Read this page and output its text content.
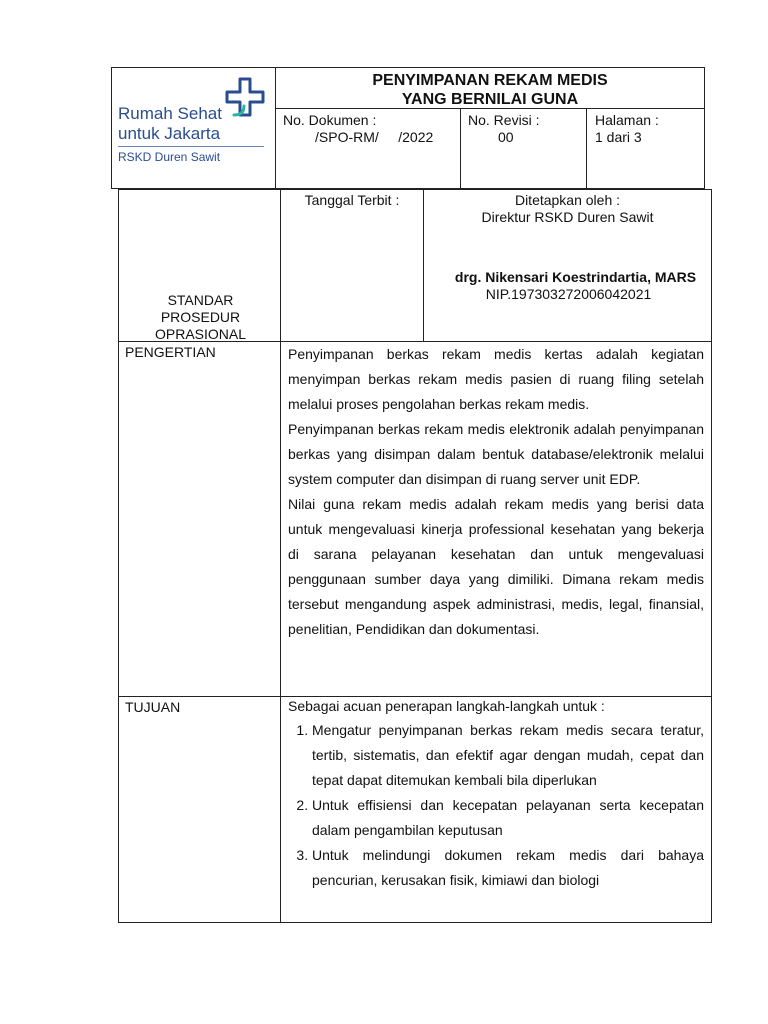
Rumah Sehat
untuk Jakarta
RSKD Duren Sawit
PENYIMPANAN REKAM MEDIS
YANG BERNILAI GUNA
No. Dokumen :
/SPO-RM/     /2022
No. Revisi :
00
Halaman :
1 dari 3
STANDAR
PROSEDUR
OPRASIONAL
Tanggal Terbit :	Ditetapkan oleh :
Direktur RSKD Duren Sawit
drg. Nikensari Koestrindartia, MARS
NIP.197303272006042021
PENGERTIAN	Penyimpanan berkas rekam medis kertas adalah kegiatan menyimpan berkas rekam medis pasien di ruang filing setelah melalui proses pengolahan berkas rekam medis.

Penyimpanan berkas rekam medis elektronik adalah penyimpanan berkas yang disimpan dalam bentuk database/elektronik melalui system computer dan disimpan di ruang server unit EDP.

Nilai guna rekam medis adalah rekam medis yang berisi data untuk mengevaluasi kinerja professional kesehatan yang bekerja di sarana pelayanan kesehatan dan untuk mengevaluasi penggunaan sumber daya yang dimiliki. Dimana rekam medis tersebut mengandung aspek administrasi, medis, legal, finansial, penelitian, Pendidikan dan dokumentasi.

TUJUAN	Sebagai acuan penerapan langkah-langkah untuk :

1. Mengatur penyimpanan berkas rekam medis secara teratur, tertib, sistematis, dan efektif agar dengan mudah, cepat dan tepat dapat ditemukan kembali bila diperlukan
2. Untuk effisiensi dan kecepatan pelayanan serta kecepatan dalam pengambilan keputusan
3. Untuk melindungi dokumen rekam medis dari bahaya pencurian, kerusakan fisik, kimiawi dan biologi
